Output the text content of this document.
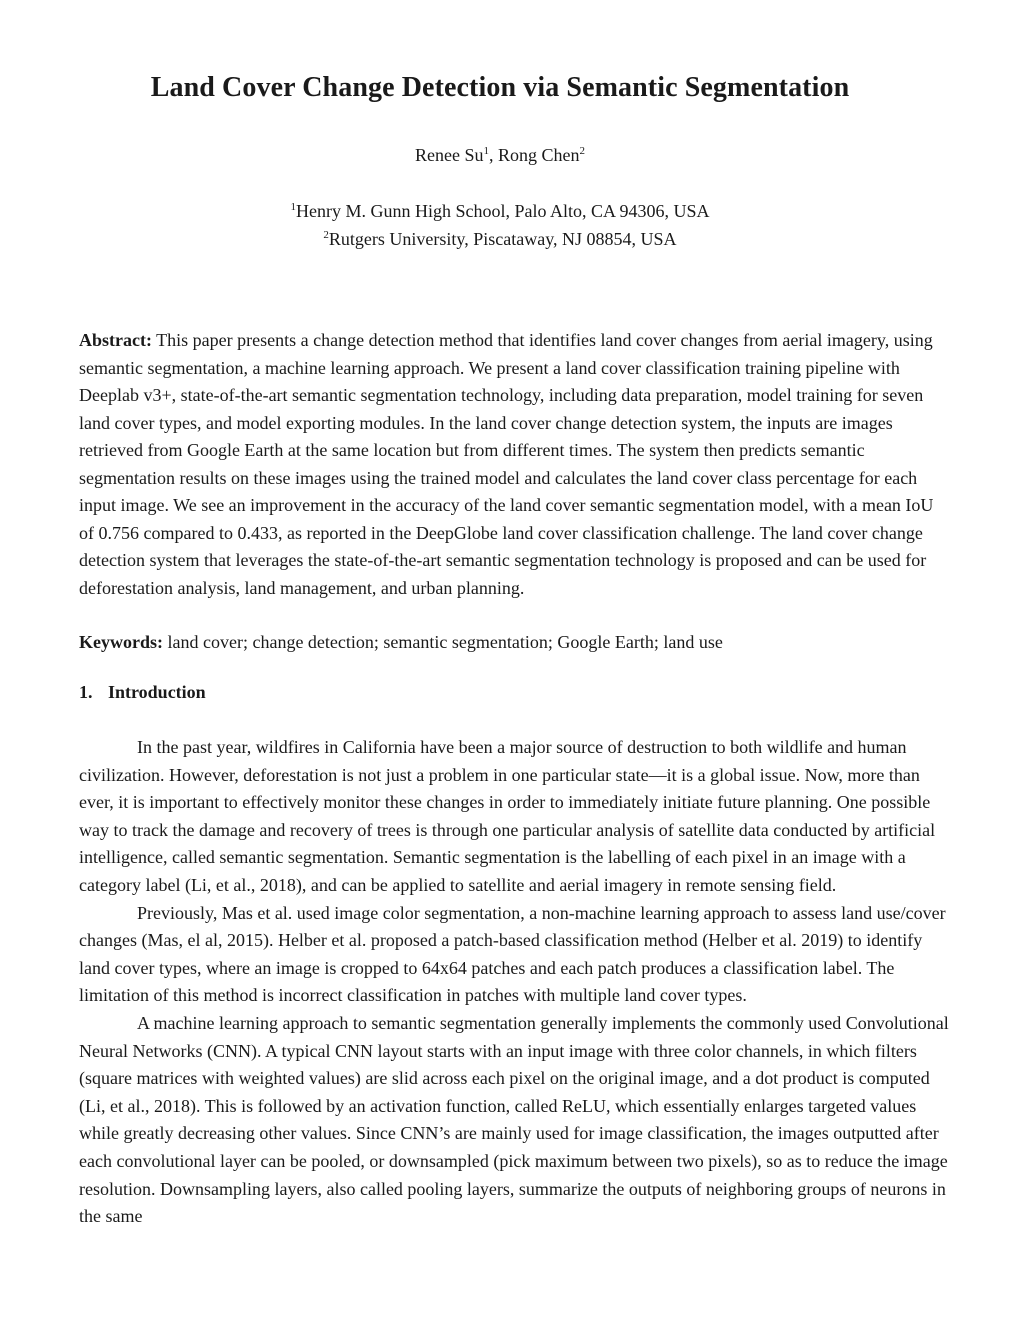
Land Cover Change Detection via Semantic Segmentation
Renee Su$^1$, Rong Chen$^2$
$^1$Henry M. Gunn High School, Palo Alto, CA 94306, USA
$^2$Rutgers University, Piscataway, NJ 08854, USA

Abstract: This paper presents a change detection method that identifies land cover changes from aerial imagery, using semantic segmentation, a machine learning approach. We present a land cover classification training pipeline with Deeplab v3+, state-of-the-art semantic segmentation technology, including data preparation, model training for seven land cover types, and model exporting modules. In the land cover change detection system, the inputs are images retrieved from Google Earth at the same location but from different times. The system then predicts semantic segmentation results on these images using the trained model and calculates the land cover class percentage for each input image. We see an improvement in the accuracy of the land cover semantic segmentation model, with a mean IoU of 0.756 compared to 0.433, as reported in the DeepGlobe land cover classification challenge. The land cover change detection system that leverages the state-of-the-art semantic segmentation technology is proposed and can be used for deforestation analysis, land management, and urban planning.

Keywords: land cover; change detection; semantic segmentation; Google Earth; land use

1. Introduction

In the past year, wildfires in California have been a major source of destruction to both wildlife and human civilization. However, deforestation is not just a problem in one particular state—it is a global issue. Now, more than ever, it is important to effectively monitor these changes in order to immediately initiate future planning. One possible way to track the damage and recovery of trees is through one particular analysis of satellite data conducted by artificial intelligence, called semantic segmentation. Semantic segmentation is the labelling of each pixel in an image with a category label (Li, et al., 2018), and can be applied to satellite and aerial imagery in remote sensing field.

Previously, Mas et al. used image color segmentation, a non-machine learning approach to assess land use/cover changes (Mas, el al, 2015). Helber et al. proposed a patch-based classification method (Helber et al. 2019) to identify land cover types, where an image is cropped to 64x64 patches and each patch produces a classification label. The limitation of this method is incorrect classification in patches with multiple land cover types.

A machine learning approach to semantic segmentation generally implements the commonly used Convolutional Neural Networks (CNN). A typical CNN layout starts with an input image with three color channels, in which filters (square matrices with weighted values) are slid across each pixel on the original image, and a dot product is computed (Li, et al., 2018). This is followed by an activation function, called ReLU, which essentially enlarges targeted values while greatly decreasing other values. Since CNN’s are mainly used for image classification, the images outputted after each convolutional layer can be pooled, or downsampled (pick maximum between two pixels), so as to reduce the image resolution. Downsampling layers, also called pooling layers, summarize the outputs of neighboring groups of neurons in the same
